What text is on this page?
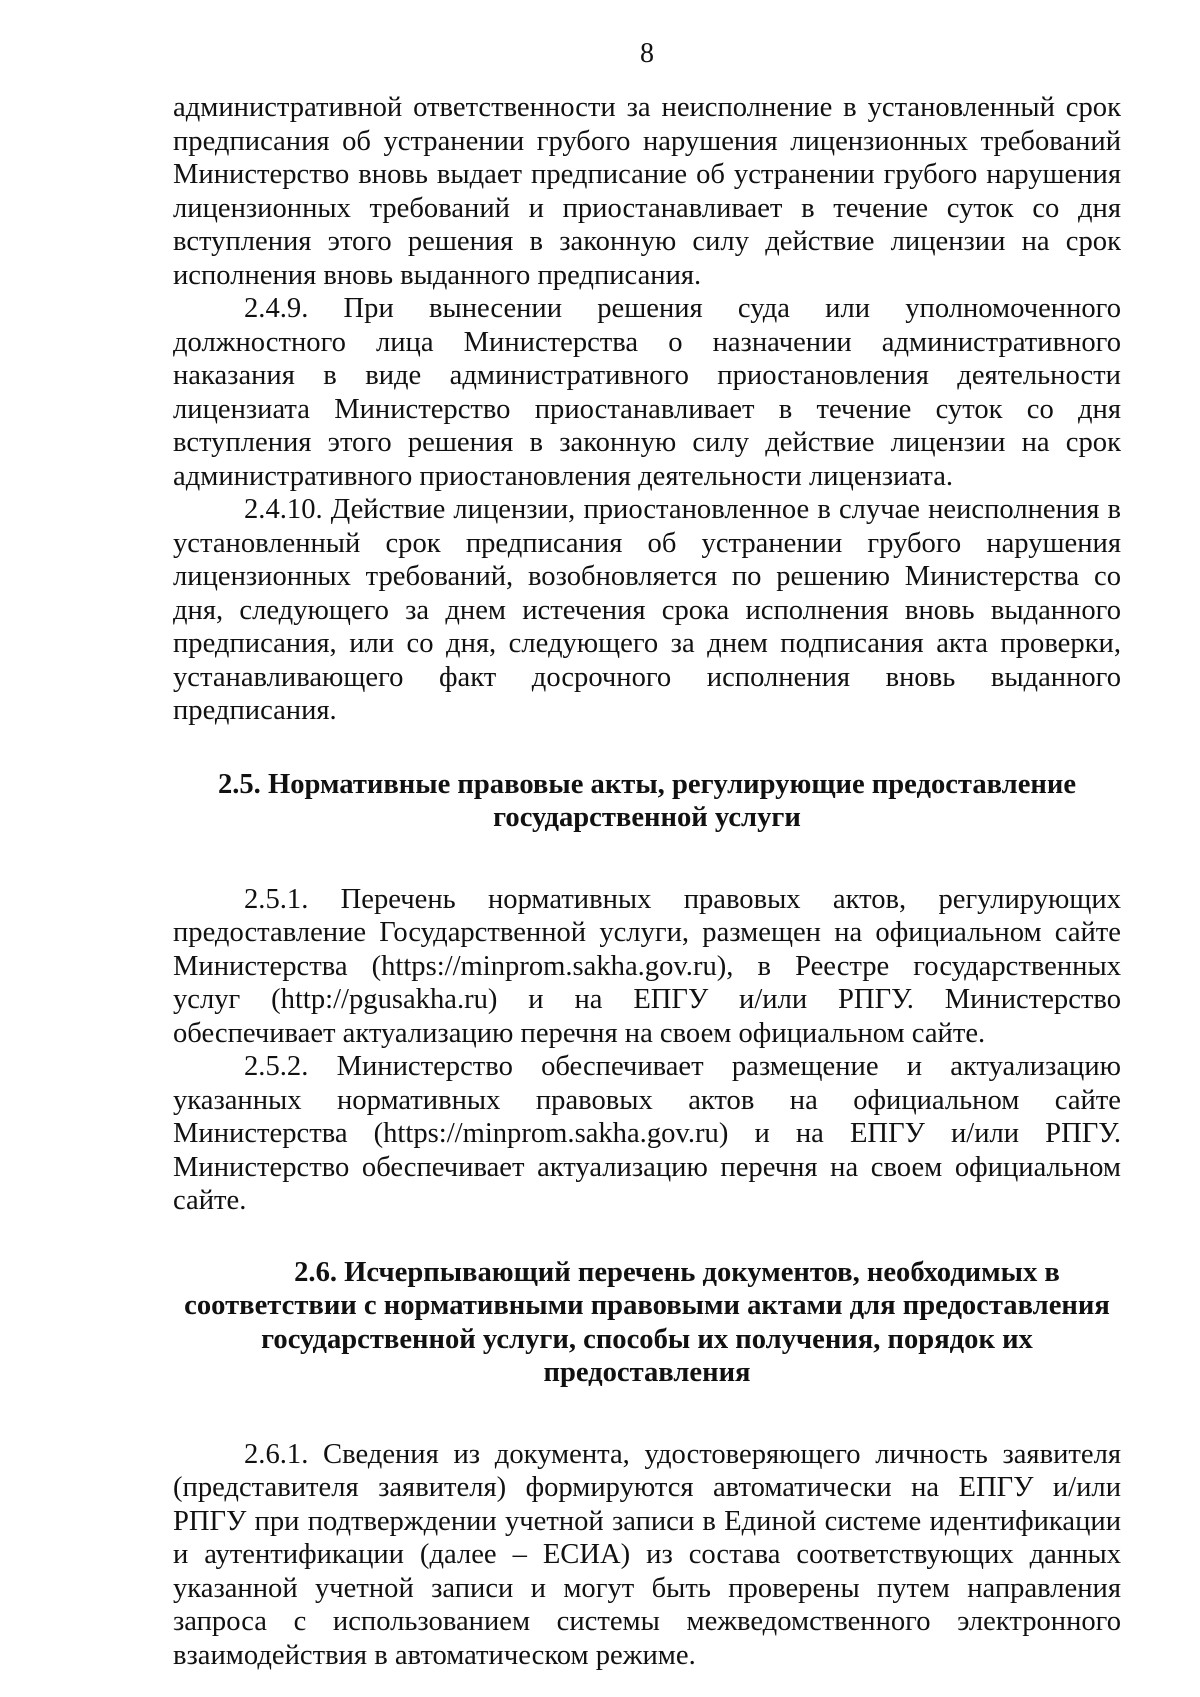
8

административной ответственности за неисполнение в установленный срок предписания об устранении грубого нарушения лицензионных требований Министерство вновь выдает предписание об устранении грубого нарушения лицензионных требований и приостанавливает в течение суток со дня вступления этого решения в законную силу действие лицензии на срок исполнения вновь выданного предписания.

2.4.9. При вынесении решения суда или уполномоченного должностного лица Министерства о назначении административного наказания в виде административного приостановления деятельности лицензиата Министерство приостанавливает в течение суток со дня вступления этого решения в законную силу действие лицензии на срок административного приостановления деятельности лицензиата.

2.4.10. Действие лицензии, приостановленное в случае неисполнения в установленный срок предписания об устранении грубого нарушения лицензионных требований, возобновляется по решению Министерства со дня, следующего за днем истечения срока исполнения вновь выданного предписания, или со дня, следующего за днем подписания акта проверки, устанавливающего факт досрочного исполнения вновь выданного предписания.

2.5. Нормативные правовые акты, регулирующие предоставление
государственной услуги

2.5.1. Перечень нормативных правовых актов, регулирующих предоставление Государственной услуги, размещен на официальном сайте Министерства (https://minprom.sakha.gov.ru), в Реестре государственных услуг (http://pgusakha.ru) и на ЕПГУ и/или РПГУ. Министерство обеспечивает актуализацию перечня на своем официальном сайте.

2.5.2. Министерство обеспечивает размещение и актуализацию указанных нормативных правовых актов на официальном сайте Министерства (https://minprom.sakha.gov.ru) и на ЕПГУ и/или РПГУ. Министерство обеспечивает актуализацию перечня на своем официальном сайте.

2.6. Исчерпывающий перечень документов, необходимых в
соответствии с нормативными правовыми актами для предоставления
государственной услуги, способы их получения, порядок их
предоставления

2.6.1. Сведения из документа, удостоверяющего личность заявителя (представителя заявителя) формируются автоматически на ЕПГУ и/или РПГУ при подтверждении учетной записи в Единой системе идентификации и аутентификации (далее – ЕСИА) из состава соответствующих данных указанной учетной записи и могут быть проверены путем направления запроса с использованием системы межведомственного электронного взаимодействия в автоматическом режиме.
